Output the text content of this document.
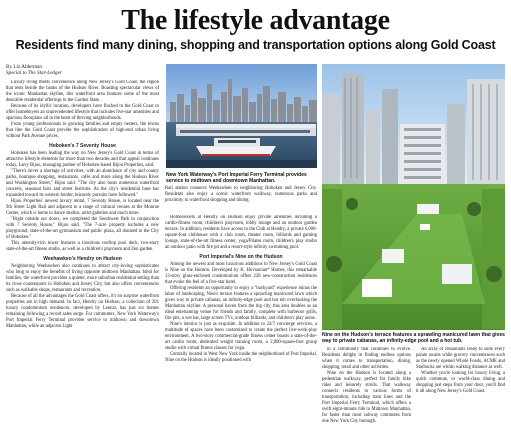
The lifestyle advantage
Residents find many dining, shopping and transportation options along Gold Coast
By Liz Alderman
Special to The Star-Ledger

Luxury living meets convenience along New Jersey's Gold Coast, the region that rests beside the banks of the Hudson River. Boasting spectacular views of the iconic Manhattan skyline, this waterfront area features some of the most desirable residential offerings in the Garden State.

Because of its idyllic location, developers have flocked to the Gold Coast to offer homebuyers an unprecedented lifestyle that includes five-star amenities and spacious floorplans all in the heart of thriving neighborhoods.

From young professionals to growing families and empty nesters, the towns that line the Gold Coast provide the sophistication of high-end urban living without Park Avenue prices.

Hoboken's 7 Seventy House

Hoboken has been leading the way on New Jersey's Gold Coast in terms of attractive lifestyle elements for more than two decades and that appeal continues today, Larry Bijou, managing partner of Hoboken-based Bijou Properties, said.

"There's never a shortage of activities, with an abundance of city and county parks, boutique shopping, restaurants, cafés and more along the Hudson River and Washington Street," Bijou said. "The city also hosts numerous waterfront concerts, seasonal fairs and street festivals. As the city's residential base has expanded toward its western border, leisurely pursuits have followed."

Bijou Properties' newest luxury rental, 7 Seventy House, is located near the 9th Street Light Rail and adjacent to a range of cultural venues at the Monroe Center, which is home to dance studios, artist galleries and much more.

"Right outside our doors, we completed the Southwest Park in conjunction with 7 Seventy House," Bijou said. "The 7-acre property includes a new playground, state-of-the-art gymnasium and public plaza, all donated to the City of Hoboken."

This amenity-rich tower features a luxurious rooftop pool deck, two-story state-of-the-art fitness studio, as well as a children's playroom and Zen garden.

Weehawken's Hendry on Hudson

Neighboring Weehawken also continues to attract city-loving sophisticates who long to enjoy the benefits of living opposite midtown Manhattan. Ideal for families, the waterfront provides a quieter, more suburban residential setting than its close counterparts in Hoboken and Jersey City, but also offers conveniences such as walkable shops, restaurants and recreation.

Because of all the advantages the Gold Coast offers, it's no surprise waterfront properties are in high demand. In fact, Hendry on Hudson, a collection of 201 luxury condominium residences, developed by Lennar, has just six homes remaining following a record sales surge. For commuters, New York Waterway's Port Imperial Ferry Terminal provides service to midtown and downtown Manhattan, while an adjacent Light

New York Waterway's Port Imperial Ferry Terminal provides service to midtown and downtown Manhattan.
Rail station connects Weehawken to neighboring Hoboken and Jersey City. Residents also enjoy a scenic waterfront walkway, numerous parks and proximity to waterfront shopping and dining.

Homeowners at Hendry on Hudson enjoy private amenities including a cardio-fitness room, children's playroom, lobby lounge and an outdoor garden terrace. In addition, residents have access to the Club at Hendry, a private 6,000-square-foot clubhouse with a club room, theater room, billiards and gaming lounge, state-of-the-art fitness center, yoga/Pilates room, children's play studio an outdoor patio with fire pit and a resort-style infinity swimming pool.

Port Imperial's Nine on the Hudson

Among the newest and most luxurious additions to New Jersey's Gold Coast is Nine on the Hudson. Developed by K. Hovnanian* Homes, this remarkable 13-story glass-enclosed condominium offers 228 new-construction residences that evoke the feel of a five-star hotel.

Offering residents an opportunity to enjoy a "backyard" experience minus the labor of landscaping, Nine's terrace features a sprawling manicured lawn which gives way to private cabanas, an infinity-edge pool and hot tub overlooking the Manhattan skyline. A personal haven from the big city, this area doubles as an ideal entertaining venue for friends and family, complete with barbecue grills, fire pits, a wet bar, large screen TVs, outdoor billiards, and children's play areas.

Nine's interior is just as exquisite. In addition to 24/7 concierge services, a multitude of spaces have been customized to create the perfect live-work-play environment. A two-story commercial-grade fitness center boasts a state-of-the-art cardio room, dedicated weight training room, a 2,000-square-foot group studio with virtual fitness classes for yoga.

Centrally located in West New York inside the neighborhood of Port Imperial, Nine on the Hudson is ideally positioned with

Nine on the Hudson's terrace features a sprawling manicured lawn that gives way to private cabanas, an infinity-edge pool and a hot tub.

in a community that continues to evolve. Residents delight in finding endless options when it comes to transportation, dining, shopping, retail and other activities.

Nine on the Hudson is located along a pedestrian walkway, perfect for family bike rides and leisurely strolls. That walkway connects residents to various forms of transportation, including train lines and the Port Imperial Ferry Terminal, which offers a swift eight-minute ride to Midtown Manhattan, far faster than most subway commutes from one New York City borough.

An array of restaurants ready to suite every palate awaits while grocery conveniences such as the newly opened Whole Foods, ACME and Starbucks are within walking distance as well.

Whether you're looking for luxury living, a quick commute, or world-class dining and shopping just steps from your door, you'll find it all along New Jersey's Gold Coast.
